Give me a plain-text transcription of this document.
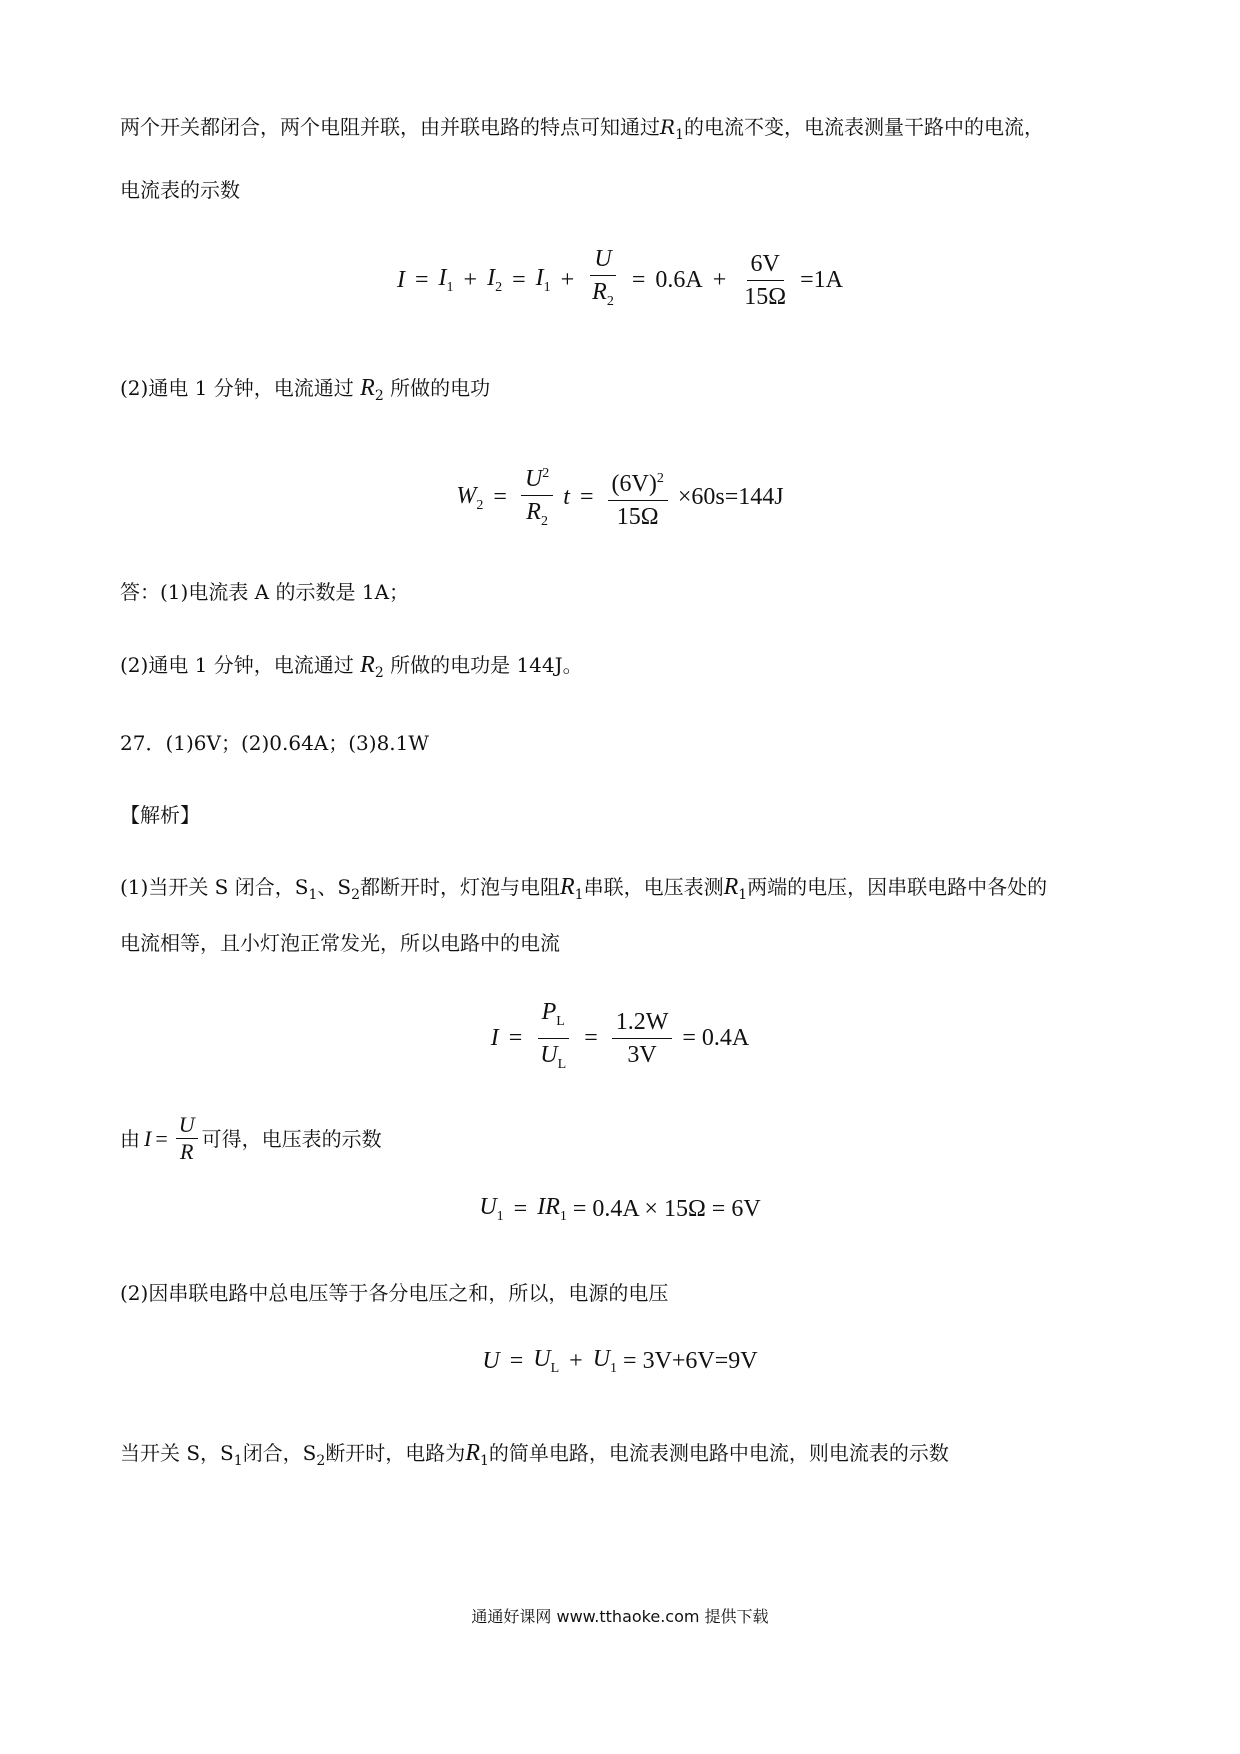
两个开关都闭合，两个电阻并联，由并联电路的特点可知通过$R_1$的电流不变，电流表测量干路中的电流，
电流表的示数
$I = I_1 + I_2 = I_1 + \frac{U}{R_2} = 0.6A + \frac{6V}{15\Omega} =1A$
(2)通电 1 分钟，电流通过 $R_2$ 所做的电功
$W_2 = \frac{U^2}{R_2}$ $t = \frac{(6V)^2}{15\Omega} \times 60s=144J$
答：(1)电流表 A 的示数是 1A；
(2)通电 1 分钟，电流通过 $R_2$ 所做的电功是 144J。
27．(1)6V；(2)0.64A；(3)8.1W
【解析】
(1)当开关 S 闭合，$S_1$、$S_2$都断开时，灯泡与电阻$R_1$串联，电压表测$R_1$两端的电压，因串联电路中各处的
电流相等，且小灯泡正常发光，所以电路中的电流
$I = \frac{P_L}{U_L} = \frac{1.2W}{3V} = 0.4A$
由 $I = \frac{U}{R}$ 可得，电压表的示数
$U_1 = IR_1 = 0.4A \times 15\Omega = 6V$
(2)因串联电路中总电压等于各分电压之和，所以，电源的电压
$U = U_L + U_1 = 3V+6V=9V$
当开关 S，$S_1$闭合，$S_2$断开时，电路为$R_1$的简单电路，电流表测电路中电流，则电流表的示数
通通好课网 www.tthaoke.com 提供下载
